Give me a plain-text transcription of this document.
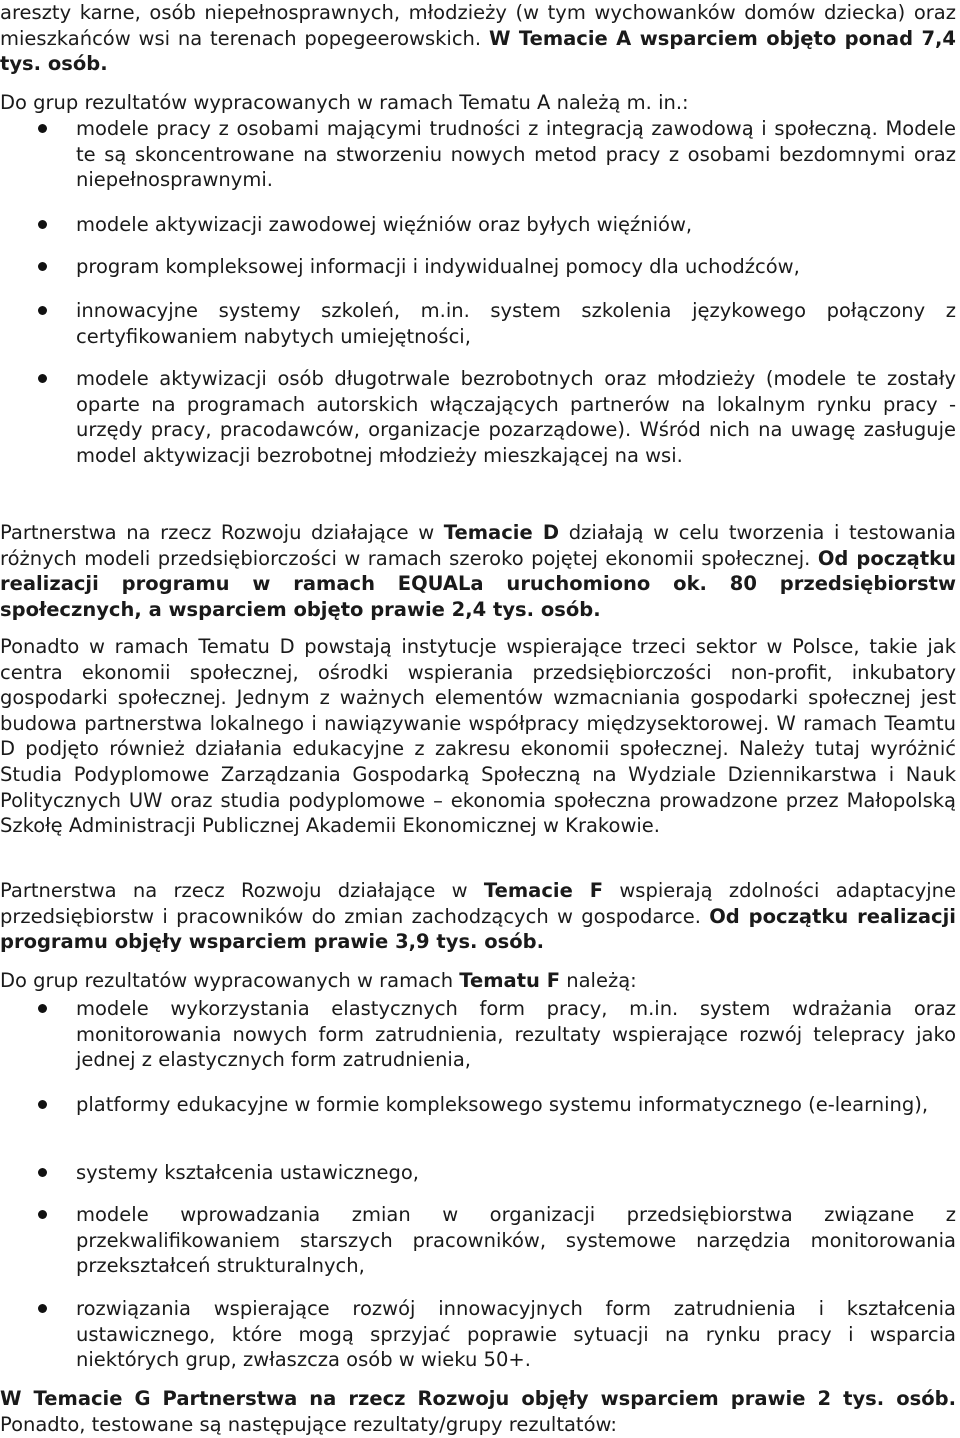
areszty karne, osób niepełnosprawnych, młodzieży (w tym wychowanków domów dziecka) oraz mieszkańców wsi na terenach popegeerowskich. W Temacie A wsparciem objęto ponad 7,4 tys. osób.

Do grup rezultatów wypracowanych w ramach Tematu A należą m. in.:

modele pracy z osobami mającymi trudności z integracją zawodową i społeczną. Modele te są skoncentrowane na stworzeniu nowych metod pracy z osobami bezdomnymi oraz niepełnosprawnymi.

modele aktywizacji zawodowej więźniów oraz byłych więźniów,

program kompleksowej informacji i indywidualnej pomocy dla uchodźców,

innowacyjne systemy szkoleń, m.in. system szkolenia językowego połączony z certyfikowaniem nabytych umiejętności,

modele aktywizacji osób długotrwale bezrobotnych oraz młodzieży (modele te zostały oparte na programach autorskich włączających partnerów na lokalnym rynku pracy - urzędy pracy, pracodawców, organizacje pozarządowe). Wśród nich na uwagę zasługuje model aktywizacji bezrobotnej młodzieży mieszkającej na wsi.

Partnerstwa na rzecz Rozwoju działające w Temacie D działają w celu tworzenia i testowania różnych modeli przedsiębiorczości w ramach szeroko pojętej ekonomii społecznej. Od początku realizacji programu w ramach EQUALa uruchomiono ok. 80 przedsiębiorstw społecznych, a wsparciem objęto prawie 2,4 tys. osób.

Ponadto w ramach Tematu D powstają instytucje wspierające trzeci sektor w Polsce, takie jak centra ekonomii społecznej, ośrodki wspierania przedsiębiorczości non-profit, inkubatory gospodarki społecznej. Jednym z ważnych elementów wzmacniania gospodarki społecznej jest budowa partnerstwa lokalnego i nawiązywanie współpracy międzysektorowej. W ramach Teamtu D podjęto również działania edukacyjne z zakresu ekonomii społecznej. Należy tutaj wyróżnić Studia Podyplomowe Zarządzania Gospodarką Społeczną na Wydziale Dziennikarstwa i Nauk Politycznych UW oraz studia podyplomowe – ekonomia społeczna prowadzone przez Małopolską Szkołę Administracji Publicznej Akademii Ekonomicznej w Krakowie.

Partnerstwa na rzecz Rozwoju działające w Temacie F wspierają zdolności adaptacyjne przedsiębiorstw i pracowników do zmian zachodzących w gospodarce. Od początku realizacji programu objęły wsparciem prawie 3,9 tys. osób.

Do grup rezultatów wypracowanych w ramach Tematu F należą:

modele wykorzystania elastycznych form pracy, m.in. system wdrażania oraz monitorowania nowych form zatrudnienia, rezultaty wspierające rozwój telepracy jako jednej z elastycznych form zatrudnienia,

platformy edukacyjne w formie kompleksowego systemu informatycznego (e-learning),

systemy kształcenia ustawicznego,

modele wprowadzania zmian w organizacji przedsiębiorstwa związane z przekwalifikowaniem starszych pracowników, systemowe narzędzia monitorowania przekształceń strukturalnych,

rozwiązania wspierające rozwój innowacyjnych form zatrudnienia i kształcenia ustawicznego, które mogą sprzyjać poprawie sytuacji na rynku pracy i wsparcia niektórych grup, zwłaszcza osób w wieku 50+.

W Temacie G Partnerstwa na rzecz Rozwoju objęły wsparciem prawie 2 tys. osób. Ponadto, testowane są następujące rezultaty/grupy rezultatów:
